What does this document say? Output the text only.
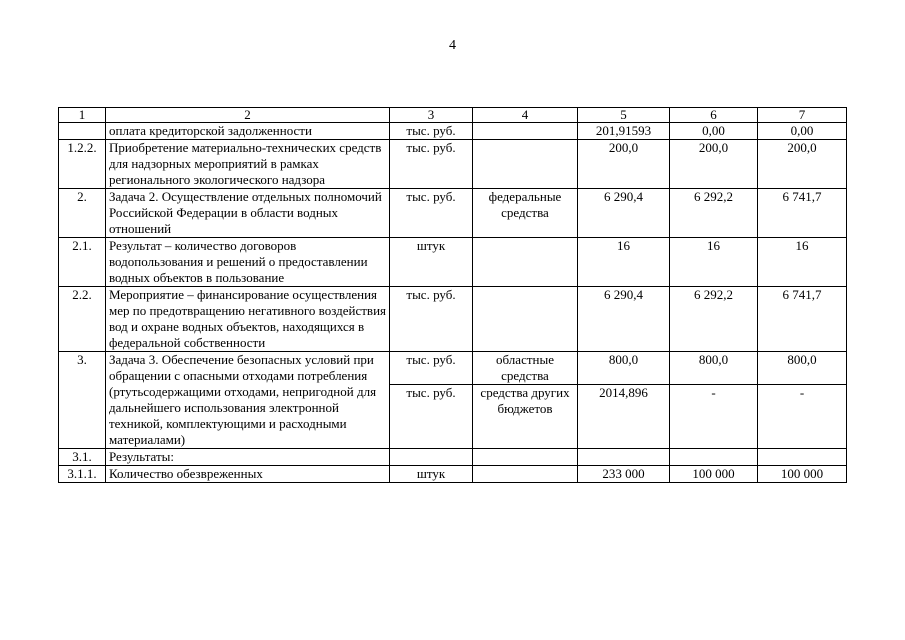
4
1	2	3	4	5	6	7
	оплата кредиторской задолженности	тыс. руб.		201,91593	0,00	0,00
1.2.2.	Приобретение материально-технических средств для надзорных мероприятий в рамках регионального экологического надзора	тыс. руб.		200,0	200,0	200,0
2.	Задача 2. Осуществление отдельных полномочий Российской Федерации в области водных отношений	тыс. руб.	федеральные средства	6 290,4	6 292,2	6 741,7
2.1.	Результат – количество договоров водопользования и решений о предоставлении водных объектов в пользование	штук		16	16	16
2.2.	Мероприятие – финансирование осуществления мер по предотвращению негативного воздействия вод и охране водных объектов, находящихся в федеральной собственности	тыс. руб.		6 290,4	6 292,2	6 741,7
3.	Задача 3. Обеспечение безопасных условий при обращении с опасными отходами потребления (ртутьсодержащими отходами, непригодной для дальнейшего использования электронной техникой, комплектующими и расходными материалами)	тыс. руб.	областные средства	800,0	800,0	800,0
		тыс. руб.	средства других бюджетов	2014,896	-	-
3.1.	Результаты:					
3.1.1.	Количество обезвреженных	штук		233 000	100 000	100 000
